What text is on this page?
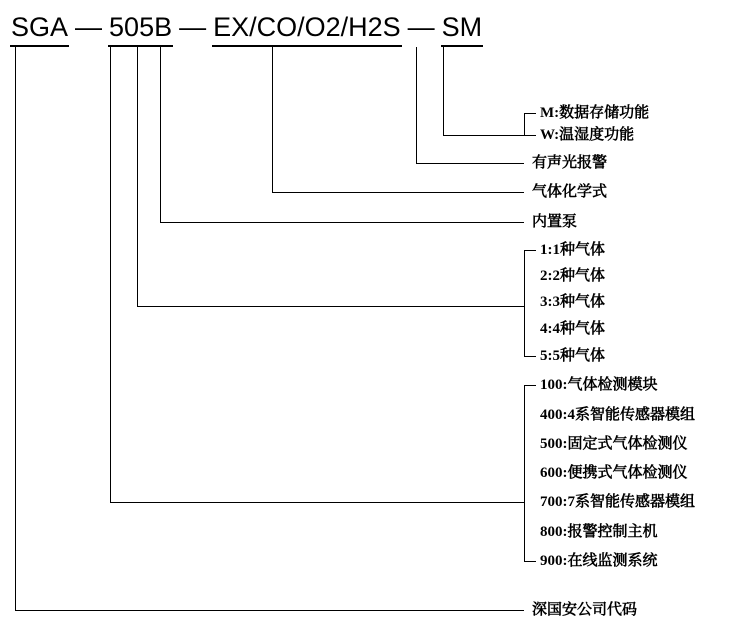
SGA — 505B — EX/CO/O2/H2S — SM
M:数据存储功能
W:温湿度功能
有声光报警
气体化学式
内置泵
1:1种气体
2:2种气体
3:3种气体
4:4种气体
5:5种气体
100:气体检测模块
400:4系智能传感器模组
500:固定式气体检测仪
600:便携式气体检测仪
700:7系智能传感器模组
800:报警控制主机
900:在线监测系统
深国安公司代码
